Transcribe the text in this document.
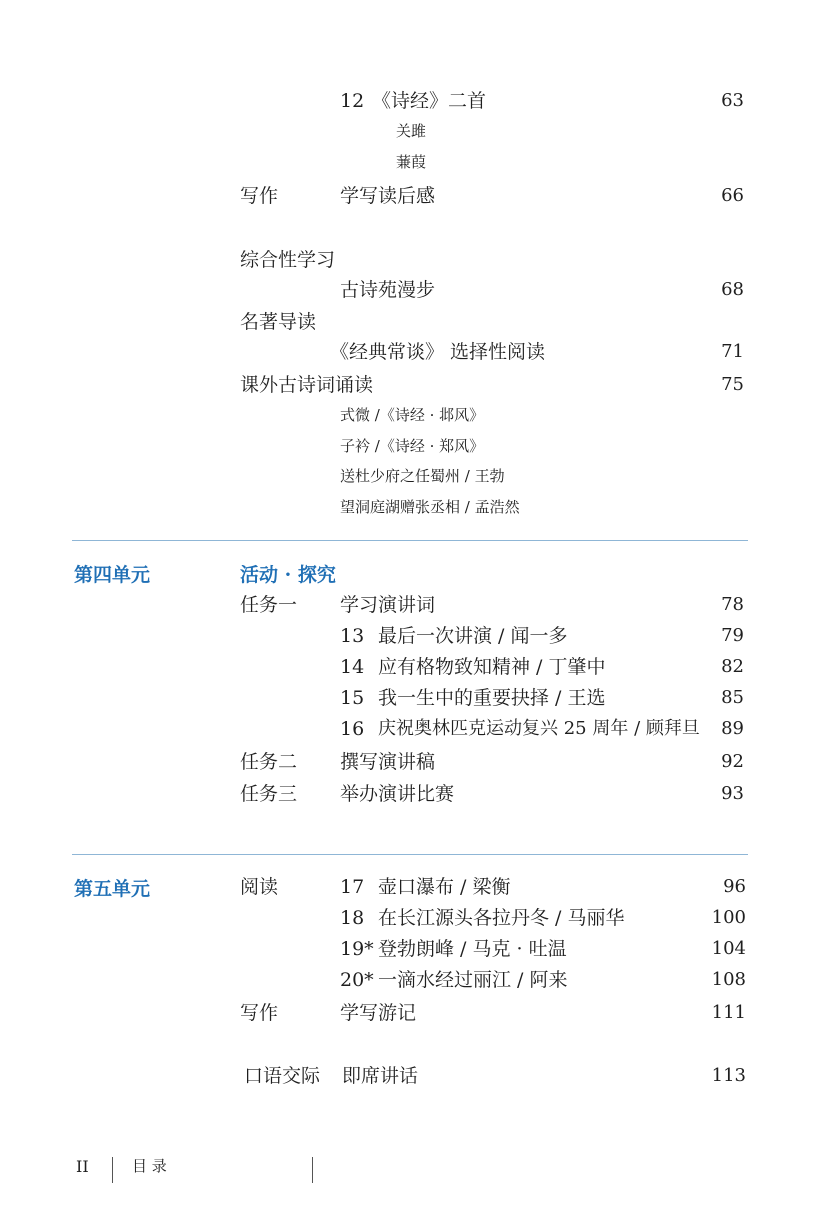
12 《诗经》二首	63
关雎
蒹葭
写作	学写读后感	66
综合性学习
古诗苑漫步	68
名著导读
《经典常谈》 选择性阅读	71
课外古诗词诵读	75
式微 /《诗经 · 邶风》
子衿 /《诗经 · 郑风》
送杜少府之任蜀州 / 王勃
望洞庭湖赠张丞相 / 孟浩然
第四单元	活动 · 探究
任务一 学习演讲词	78
13 最后一次讲演 / 闻一多	79
14 应有格物致知精神 / 丁肇中	82
15 我一生中的重要抉择 / 王选	85
16 庆祝奥林匹克运动复兴 25 周年 / 顾拜旦	89
任务二 撰写演讲稿	92
任务三 举办演讲比赛	93
第五单元	阅读	17 壶口瀑布 / 梁衡	96
18 在长江源头各拉丹冬 / 马丽华	100
19* 登勃朗峰 / 马克 · 吐温	104
20* 一滴水经过丽江 / 阿来	108
写作	学写游记	111
口语交际 即席讲话	113
II	目 录
